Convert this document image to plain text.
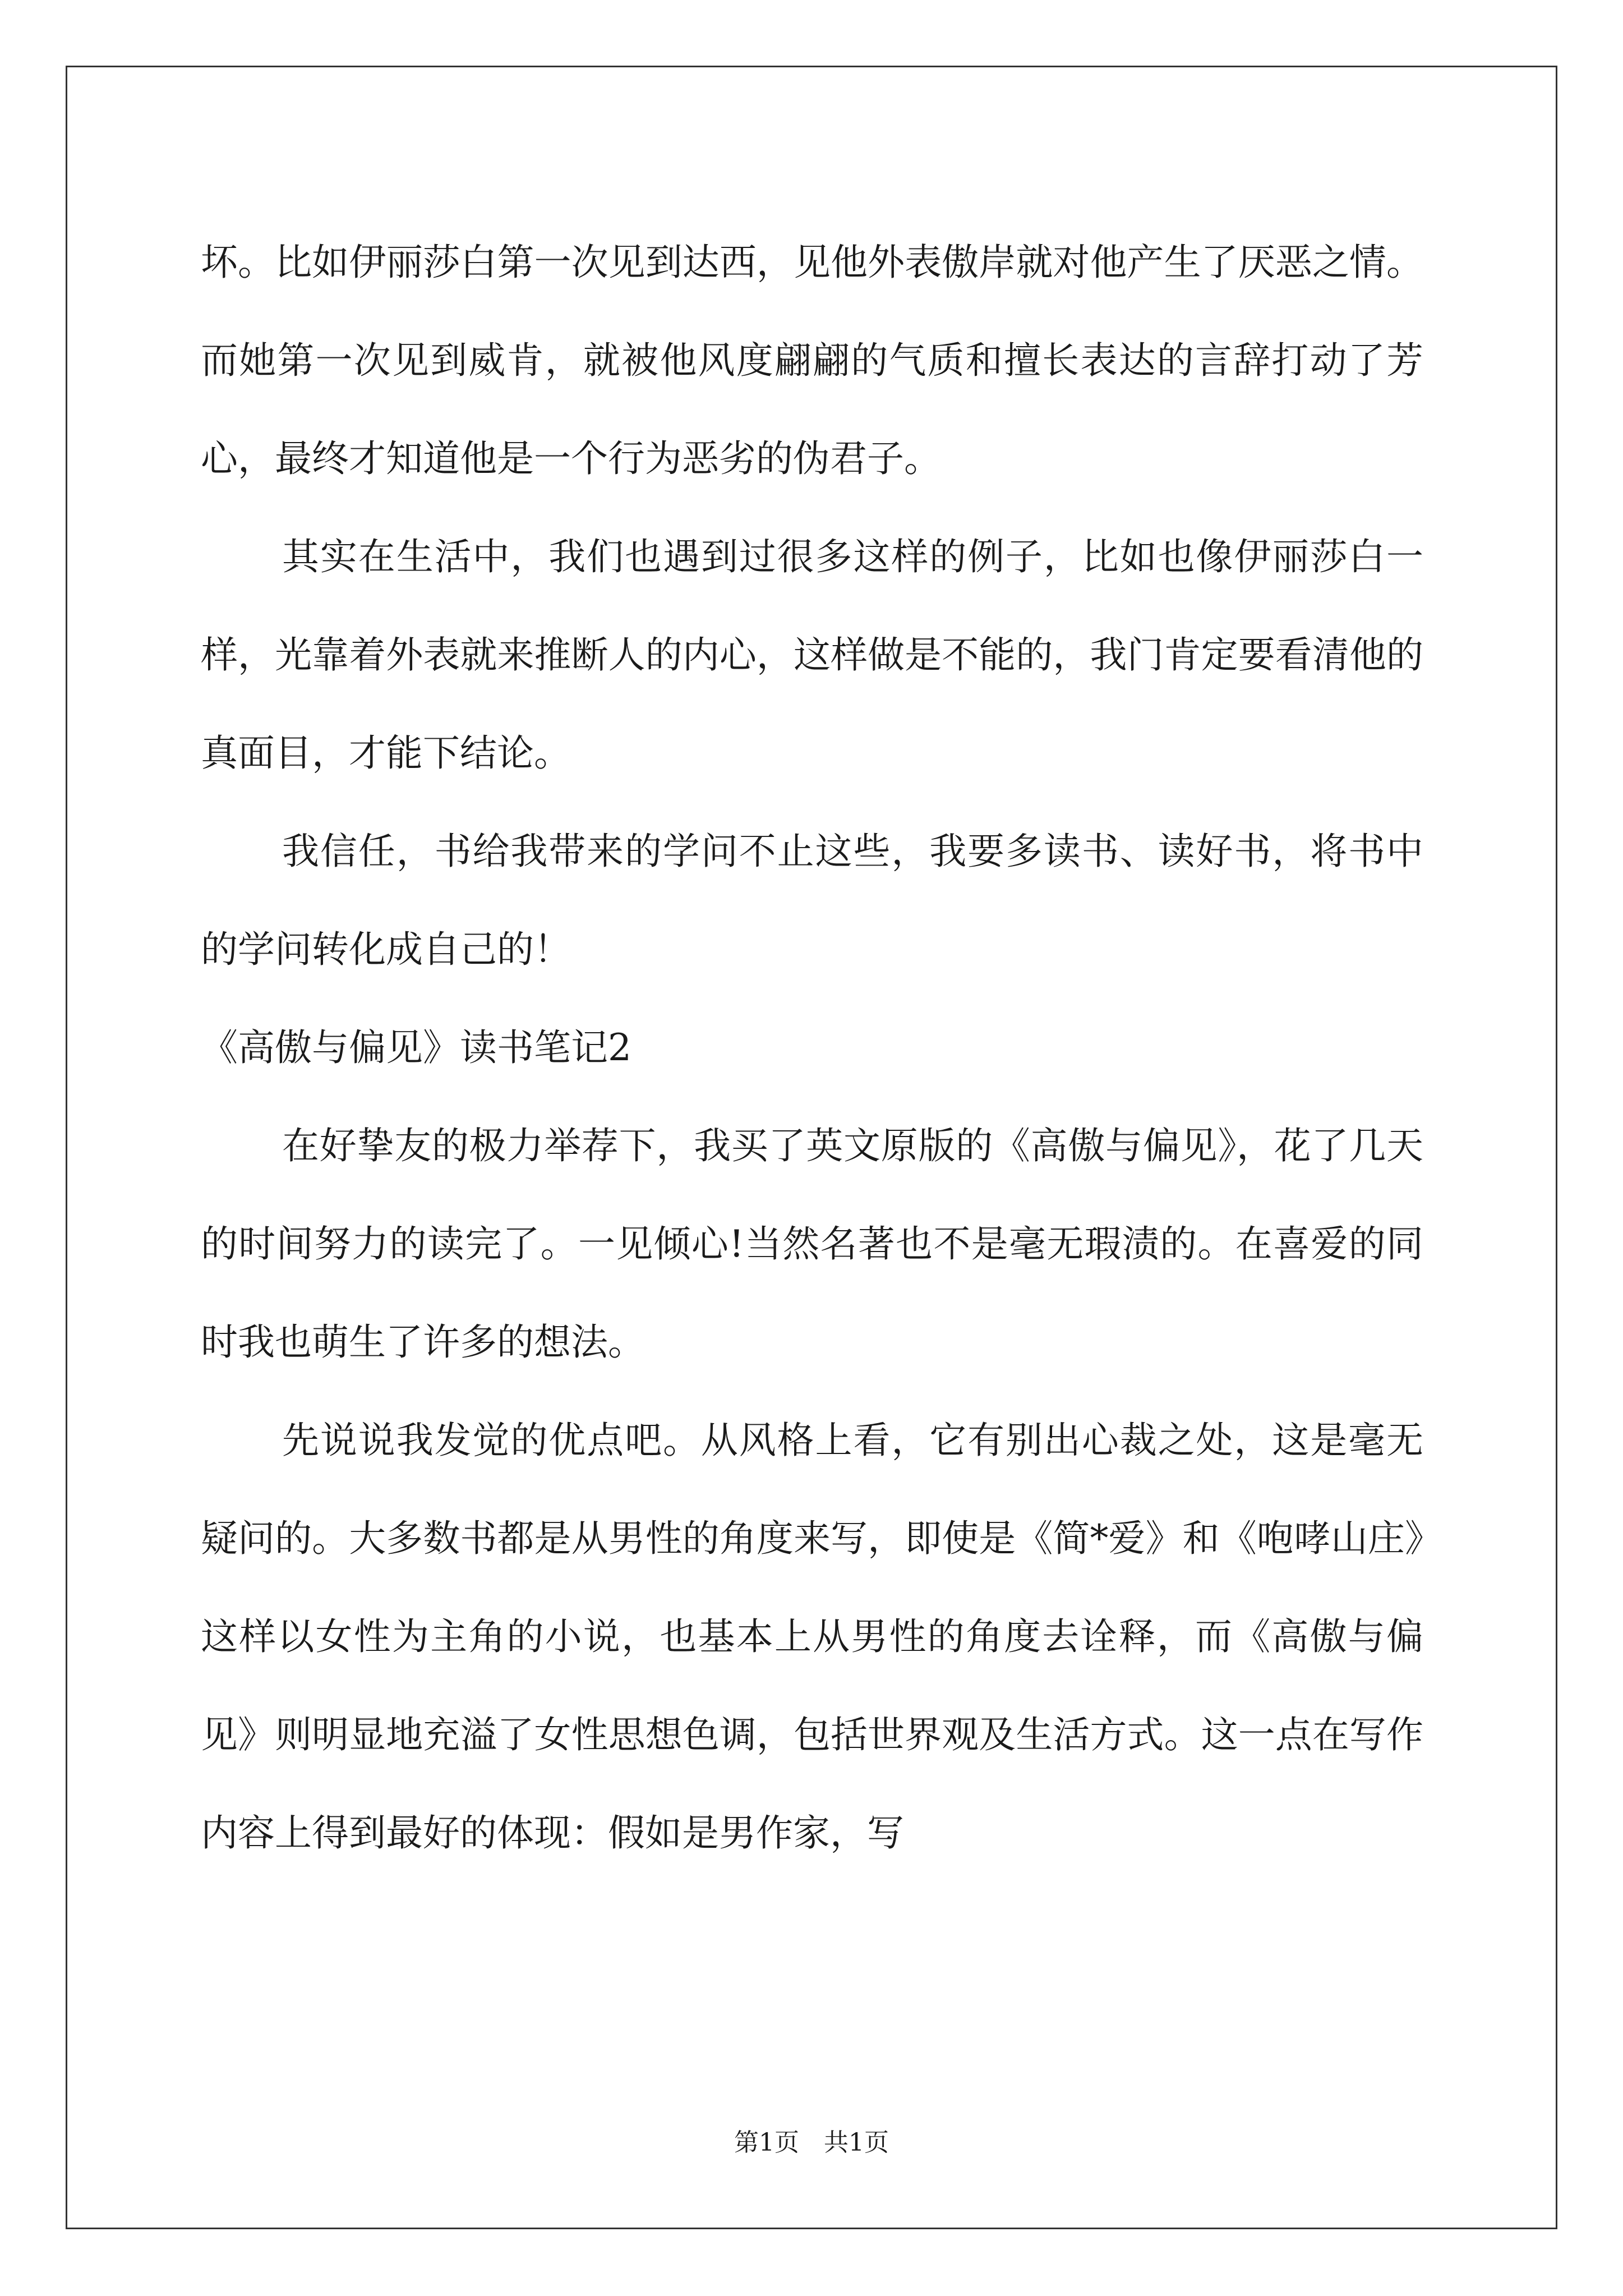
坏。比如伊丽莎白第一次见到达西，见他外表傲岸就对他产生了厌恶之情。而她第一次见到威肯，就被他风度翩翩的气质和擅长表达的言辞打动了芳心，最终才知道他是一个行为恶劣的伪君子。

其实在生活中，我们也遇到过很多这样的例子，比如也像伊丽莎白一样，光靠着外表就来推断人的内心，这样做是不能的，我门肯定要看清他的真面目，才能下结论。

我信任，书给我带来的学问不止这些，我要多读书、读好书，将书中的学问转化成自己的！

《高傲与偏见》读书笔记2

在好挚友的极力举荐下，我买了英文原版的《高傲与偏见》，花了几天的时间努力的读完了。一见倾心!当然名著也不是毫无瑕渍的。在喜爱的同时我也萌生了许多的想法。

先说说我发觉的优点吧。从风格上看，它有别出心裁之处，这是毫无疑问的。大多数书都是从男性的角度来写，即使是《简*爱》和《咆哮山庄》这样以女性为主角的小说，也基本上从男性的角度去诠释，而《高傲与偏见》则明显地充溢了女性思想色调，包括世界观及生活方式。这一点在写作内容上得到最好的体现：假如是男作家，写

第1页　共1页
